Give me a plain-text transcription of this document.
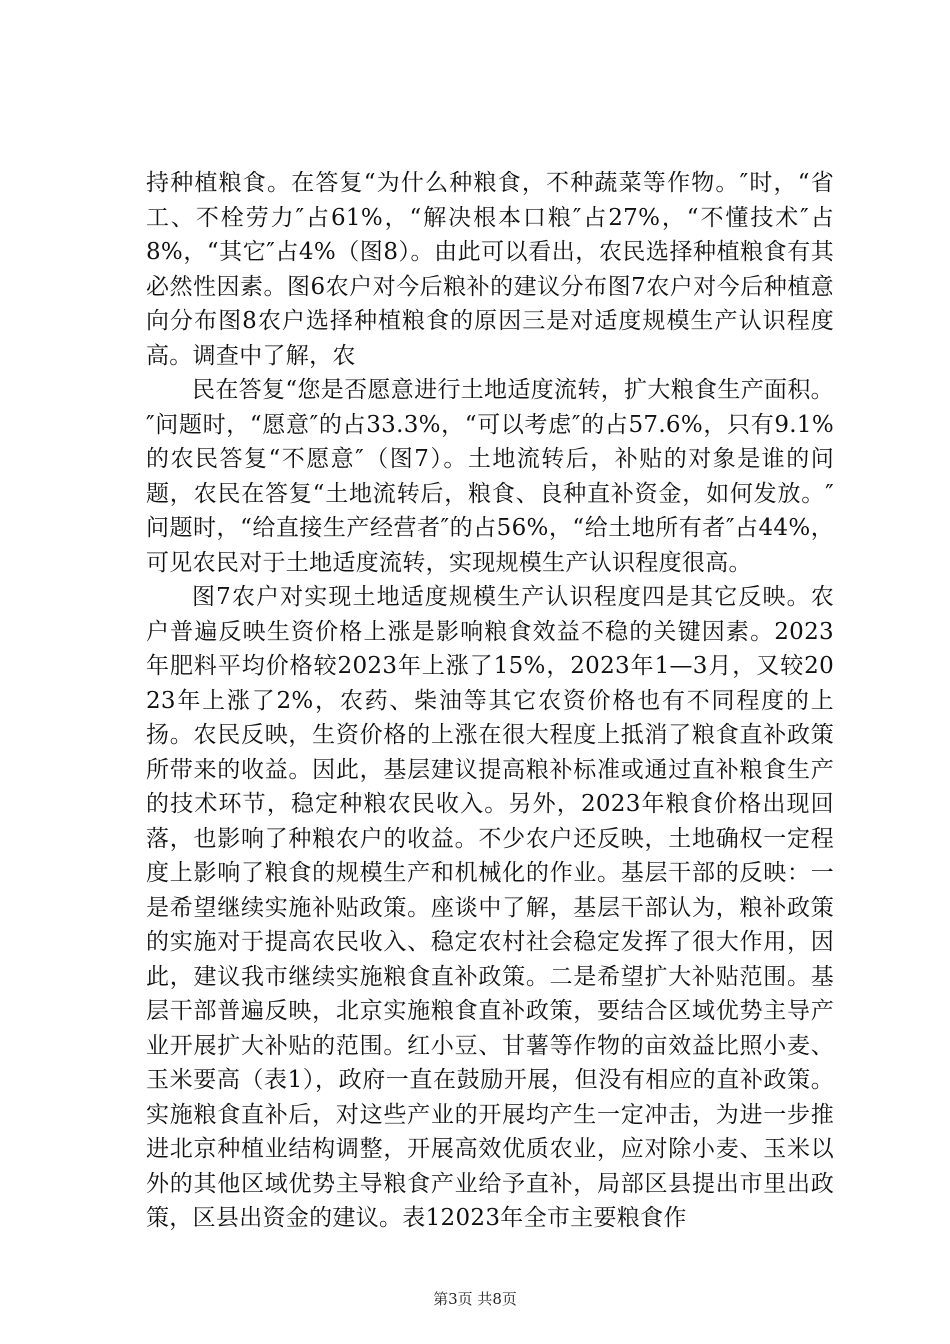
持种植粮食。在答复“为什么种粮食，不种蔬菜等作物。″时，“省工、不栓劳力″占61%，“解决根本口粮″占27%，“不懂技术″占8%，“其它″占4%（图8）。由此可以看出，农民选择种植粮食有其必然性因素。图6农户对今后粮补的建议分布图7农户对今后种植意向分布图8农户选择种植粮食的原因三是对适度规模生产认识程度高。调查中了解，农

民在答复“您是否愿意进行土地适度流转，扩大粮食生产面积。″问题时，“愿意″的占33.3%，“可以考虑″的占57.6%，只有9.1%的农民答复“不愿意″（图7）。土地流转后，补贴的对象是谁的问题，农民在答复“土地流转后，粮食、良种直补资金，如何发放。″问题时，“给直接生产经营者″的占56%，“给土地所有者″占44%，可见农民对于土地适度流转，实现规模生产认识程度很高。

图7农户对实现土地适度规模生产认识程度四是其它反映。农户普遍反映生资价格上涨是影响粮食效益不稳的关键因素。2023年肥料平均价格较2023年上涨了15%，2023年1—3月，又较2023年上涨了2%，农药、柴油等其它农资价格也有不同程度的上扬。农民反映，生资价格的上涨在很大程度上抵消了粮食直补政策所带来的收益。因此，基层建议提高粮补标准或通过直补粮食生产的技术环节，稳定种粮农民收入。另外，2023年粮食价格出现回落，也影响了种粮农户的收益。不少农户还反映，土地确权一定程度上影响了粮食的规模生产和机械化的作业。基层干部的反映：一是希望继续实施补贴政策。座谈中了解，基层干部认为，粮补政策的实施对于提高农民收入、稳定农村社会稳定发挥了很大作用，因此，建议我市继续实施粮食直补政策。二是希望扩大补贴范围。基层干部普遍反映，北京实施粮食直补政策，要结合区域优势主导产业开展扩大补贴的范围。红小豆、甘薯等作物的亩效益比照小麦、玉米要高（表1），政府一直在鼓励开展，但没有相应的直补政策。实施粮食直补后，对这些产业的开展均产生一定冲击，为进一步推进北京种植业结构调整，开展高效优质农业，应对除小麦、玉米以外的其他区域优势主导粮食产业给予直补，局部区县提出市里出政策，区县出资金的建议。表12023年全市主要粮食作

第3页 共8页
